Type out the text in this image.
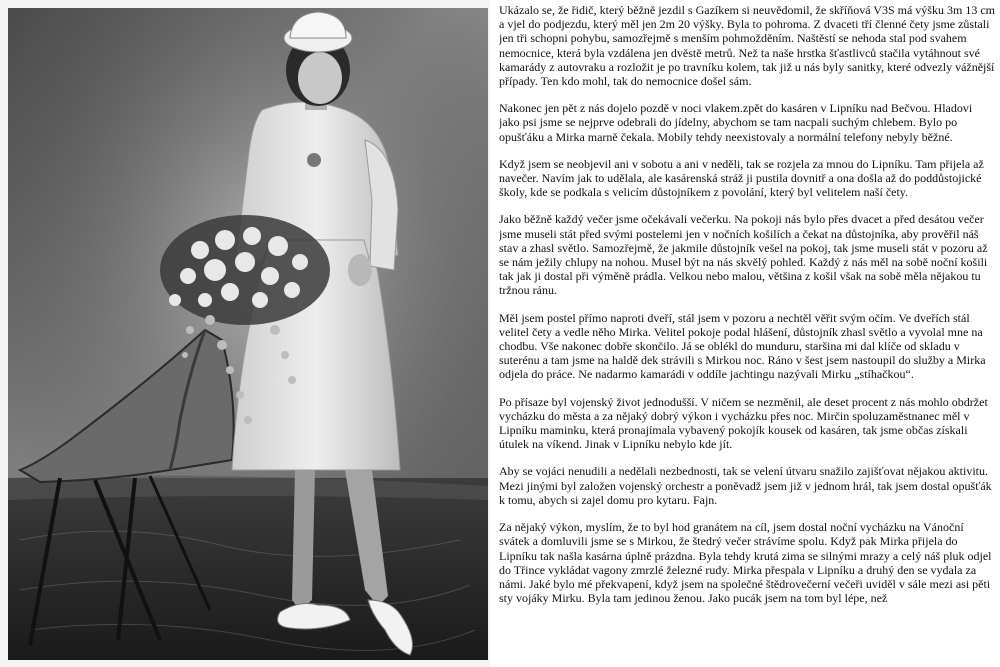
Ukázalo se, že řidič, který běžně jezdil s Gazíkem si neuvědomil, že skříňová V3S má výšku 3m 13 cm a vjel do podjezdu, který měl jen 2m 20 výšky. Byla to pohroma. Z dvaceti tří členné čety jsme zůstali jen tři schopni pohybu, samozřejmě s menším pohmožděním. Naštěstí se nehoda stal pod svahem nemocnice, která byla vzdálena jen dvěstě metrů. Než ta naše hrstka šťastlivců stačila vytáhnout své kamarády z autovraku a rozložit je po travníku kolem, tak již u nás byly sanitky, které odvezly vážnější případy. Ten kdo mohl, tak do nemocnice došel sám.

Nakonec jen pět z nás dojelo pozdě v noci vlakem.zpět do kasáren v Lipníku nad Bečvou. Hladovi jako psi jsme se nejprve odebrali do jídelny, abychom se tam nacpali suchým chlebem. Bylo po opušťáku a Mirka marně čekala. Mobily tehdy neexistovaly a normální telefony nebyly běžné.

Když jsem se neobjevil ani v sobotu a ani v neděli, tak se rozjela za mnou do Lipníku. Tam přijela až navečer. Navím jak to udělala, ale kasárenská stráž ji pustila dovnitř a ona došla až do poddůstojické školy, kde se podkala s velicím důstojníkem z povolání, který byl velitelem naší čety.

Jako běžně každý večer jsme očekávali večerku. Na pokoji nás bylo přes dvacet a před desátou večer jsme museli stát před svými postelemi jen v nočních košilích a čekat na důstojníka, aby prověřil náš stav a zhasl světlo. Samozřejmě, že jakmile důstojník vešel na pokoj, tak jsme museli stát v pozoru až se nám ježily chlupy na nohou. Musel být na nás skvělý pohled. Každý z nás měl na sobě noční košili tak jak ji dostal při výměně prádla. Velkou nebo malou, většina z košil však na sobě měla nějakou tu tržnou ránu.

Měl jsem postel přímo naproti dveří, stál jsem v pozoru a nechtěl věřit svým očím. Ve dveřích stál velitel čety a vedle něho Mirka. Velitel pokoje podal hlášení, důstojník zhasl světlo a vyvolal mne na chodbu. Vše nakonec dobře skončilo. Já se oblékl do munduru, staršina mi dal klíče od skladu v suterénu a tam jsme na haldě dek strávili s Mirkou noc. Ráno v šest jsem nastoupil do služby a Mirka odjela do práce. Ne nadarmo kamarádi v oddíle jachtingu nazývali Mirku „stíhačkou“.

Po přísaze byl vojenský život jednodušší. V ničem se nezměnil, ale deset procent z nás mohlo obdržet vycházku do města a za nějaký dobrý výkon i vycházku přes noc. Mirčin spoluzaměstnanec měl v Lipníku maminku, která pronajímala vybavený pokojík kousek od kasáren, tak jsme občas získali útulek na víkend. Jinak v Lipníku nebylo kde jít.

Aby se vojáci nenudili a nedělali nezbednosti, tak se velení útvaru snažilo zajišťovat nějakou aktivitu. Mezi jinými byl založen vojenský orchestr a poněvadž jsem již v jednom hrál, tak jsem dostal opušťák k tomu, abych si zajel domu pro kytaru. Fajn.

Za nějaký výkon, myslím, že to byl hod granátem na cíl, jsem dostal noční vycházku na Vánoční svátek a domluvili jsme se s Mirkou, že štedrý večer strávíme spolu. Když pak Mirka přijela do Lipníku tak našla kasárna úplně prázdna. Byla tehdy krutá zima se silnými mrazy a celý náš pluk odjel do Třince vykládat vagony zmrzlé železné rudy. Mirka přespala v Lipníku a druhý den se vydala za námi. Jaké bylo mé překvapení, když jsem na společné štědrovečerní večeři uviděl v sále mezi asi pěti sty vojáky Mirku. Byla tam jedinou ženou. Jako pucák jsem na tom byl lépe, než
